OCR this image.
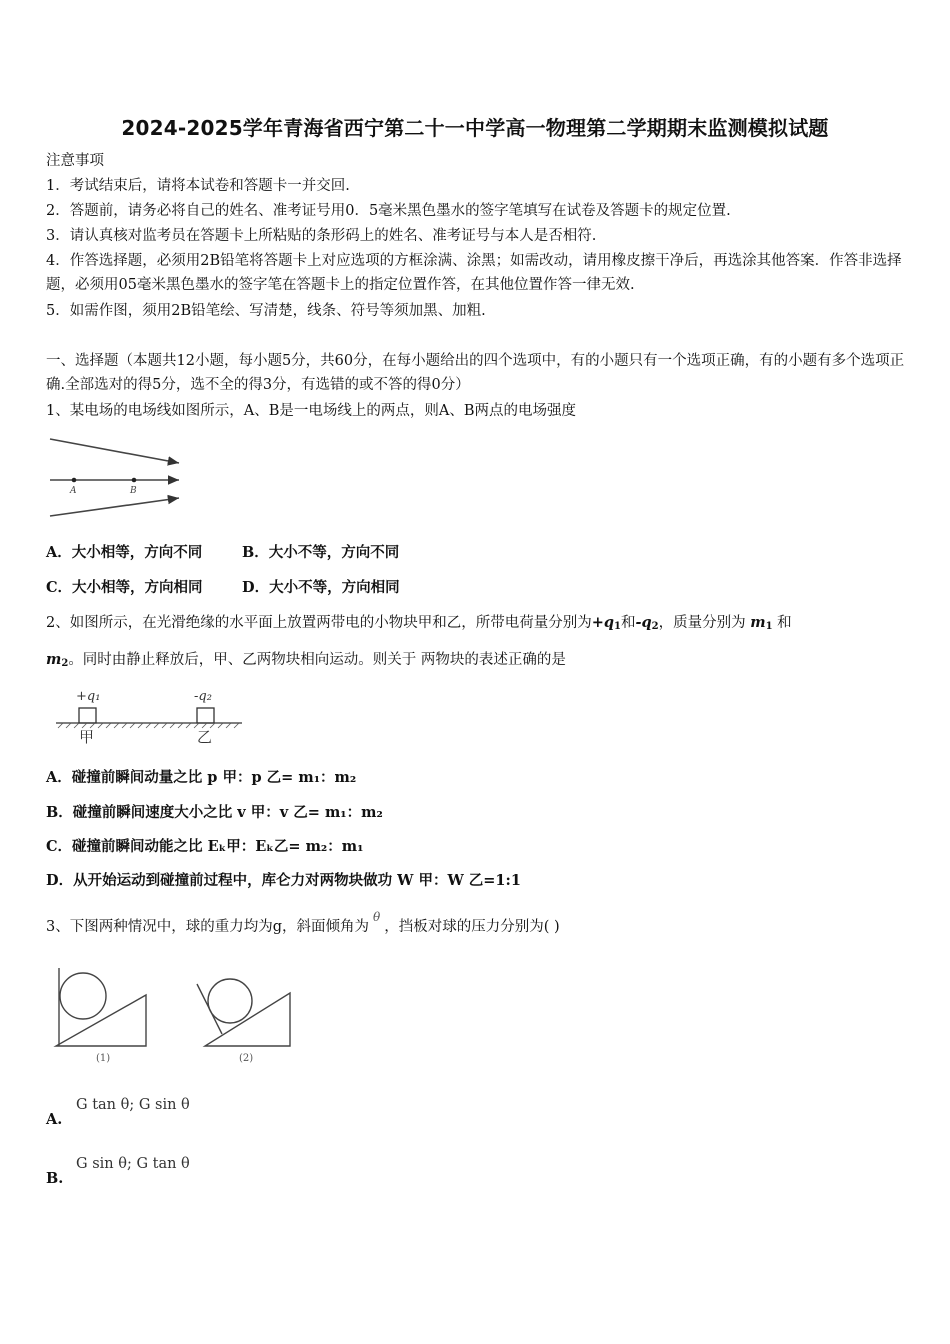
2024-2025学年青海省西宁第二十一中学高一物理第二学期期末监测模拟试题
注意事项
1．考试结束后，请将本试卷和答题卡一并交回.
2．答题前，请务必将自己的姓名、准考证号用0．5毫米黑色墨水的签字笔填写在试卷及答题卡的规定位置.
3．请认真核对监考员在答题卡上所粘贴的条形码上的姓名、准考证号与本人是否相符.
4．作答选择题，必须用2B铅笔将答题卡上对应选项的方框涂满、涂黑；如需改动，请用橡皮擦干净后，再选涂其他答案．作答非选择题，必须用05毫米黑色墨水的签字笔在答题卡上的指定位置作答，在其他位置作答一律无效.
5．如需作图，须用2B铅笔绘、写清楚，线条、符号等须加黑、加粗.
一、选择题（本题共12小题，每小题5分，共60分，在每小题给出的四个选项中，有的小题只有一个选项正确，有的小题有多个选项正确.全部选对的得5分，选不全的得3分，有选错的或不答的得0分）
1、某电场的电场线如图所示，A、B是一电场线上的两点，则A、B两点的电场强度
A	B
A．大小相等，方向不同	B．大小不等，方向不同
C．大小相等，方向相同	D．大小不等，方向相同
2、如图所示，在光滑绝缘的水平面上放置两带电的小物块甲和乙，所带电荷量分别为$+q_1$和$-q_2$，质量分别为 $m_1$ 和
$m_2$。同时由静止释放后，甲、乙两物块相向运动。则关于 两物块的表述正确的是
+q₁	-q₂
甲	乙
A．碰撞前瞬间动量之比 p 甲：p 乙= m₁：m₂
B．碰撞前瞬间速度大小之比 v 甲：v 乙= m₁：m₂
C．碰撞前瞬间动能之比 Eₖ甲：Eₖ乙= m₂：m₁
D．从开始运动到碰撞前过程中，库仑力对两物块做功 W 甲：W 乙=1:1
3、下图两种情况中，球的重力均为g，斜面倾角为$^\theta$，挡板对球的压力分别为( )
(1)	(2)
G tan θ; G sin θ
A.
G sin θ; G tan θ
B.
